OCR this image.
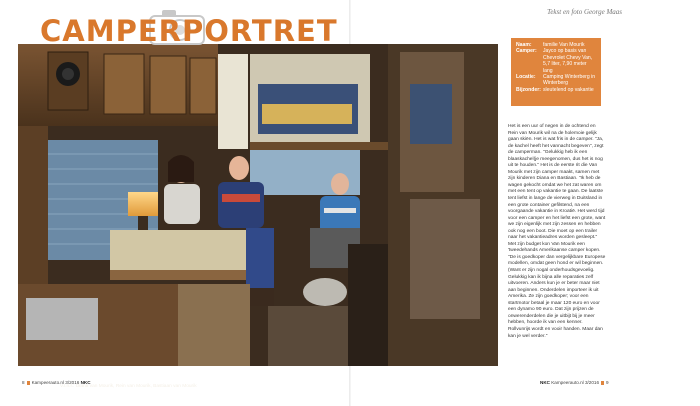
Tekst en foto George Maas
CAMPERPORTRET
V.l.n.r.: Diana van Mourik, Rein van Mourik, Bastiaan van Mourik
Naam:	familie Van Mourik
Camper:	Jayco op basis van Chevrolet Chevy Van, 5,7 liter, 7,90 meter lang
Locatie:	Camping Winterberg in Winterberg
Bijzonder:	sleutelend op vakantie

Het is een uur of negen in de ochtend en Rein van Mourik wil na de holemoie gelijk gaan skiën. Het is wat fris in de camper. "Ja, de kachel heeft het vannacht begeven", zegt de camperman. "Gelukkig heb ik een blaaskachel(je meegenomen, dus het is nog uit te houden." Het is de eerste rit die Van Mourik met zijn camper maakt, samen met zijn kinderen Diana en Bastiaan. "Ik heb de wagen gekocht omdat we het zat waren om met een tent op vakantie te gaan. De laatste tent liefst in lange de vierweg in Duitsland in een grote container gefilstend, na een voorgaande vakantie in Kroatië. Het werd tijd voor een camper en het liefst een grote, want we zijn eigenlijk met zijn zessen en hebben ook nog een boot. Die moet op een trailer naar het vakantieadres worden gesleept." Met zijn budget kon Van Mourik een 'tweedehands Amerikaanse camper kopen. "De is goedkoper dan vergelijkbare Europese modellen, omdat geen hond er wil beginnen. (Want er zijn nogal onderhoudsgevoelig. Gelukkig kan ik bijna alle reparaties zelf uitvoeren. Anders kun je er beter maar niet aan beginnen. Onderdelen importeer ik uit Amerika. Ze zijn goedkoper; voor een startmotor betaal je maar 120 euro en voor een dynamo 90 euro. Dat zijn prijzen de onwerenderdelen die je uitbijt bij je meer hebben, hoorde ik van een kenner. Rollvunrijs wordt en vooir handen. Maar dan kan je wel verder."

8 Kampeerauto.nl 3/2016 NKC	NKC Kampeerauto.nl 3/2016 9
